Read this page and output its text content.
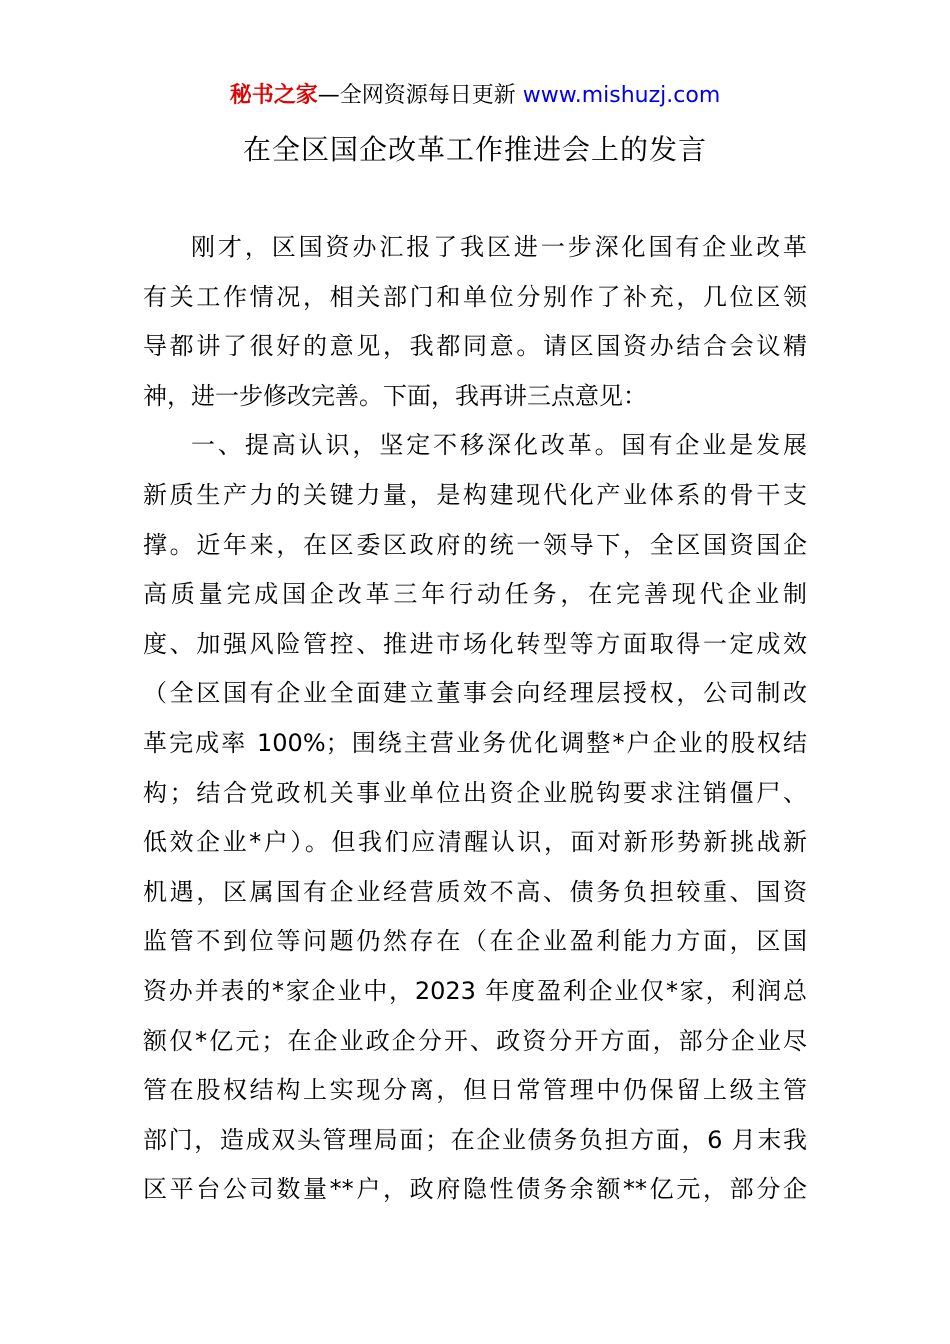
秘书之家—全网资源每日更新 www.mishuzj.com
在全区国企改革工作推进会上的发言
刚才，区国资办汇报了我区进一步深化国有企业改革
有关工作情况，相关部门和单位分别作了补充，几位区领
导都讲了很好的意见，我都同意。请区国资办结合会议精
神，进一步修改完善。下面，我再讲三点意见：
一、提高认识，坚定不移深化改革。国有企业是发展
新质生产力的关键力量，是构建现代化产业体系的骨干支
撑。近年来，在区委区政府的统一领导下，全区国资国企
高质量完成国企改革三年行动任务，在完善现代企业制
度、加强风险管控、推进市场化转型等方面取得一定成效
（全区国有企业全面建立董事会向经理层授权，公司制改
革完成率 100%；围绕主营业务优化调整*户企业的股权结
构；结合党政机关事业单位出资企业脱钩要求注销僵尸、
低效企业*户）。但我们应清醒认识，面对新形势新挑战新
机遇，区属国有企业经营质效不高、债务负担较重、国资
监管不到位等问题仍然存在（在企业盈利能力方面，区国
资办并表的*家企业中，2023 年度盈利企业仅*家，利润总
额仅*亿元；在企业政企分开、政资分开方面，部分企业尽
管在股权结构上实现分离，但日常管理中仍保留上级主管
部门，造成双头管理局面；在企业债务负担方面，6 月末我
区平台公司数量**户，政府隐性债务余额**亿元，部分企
